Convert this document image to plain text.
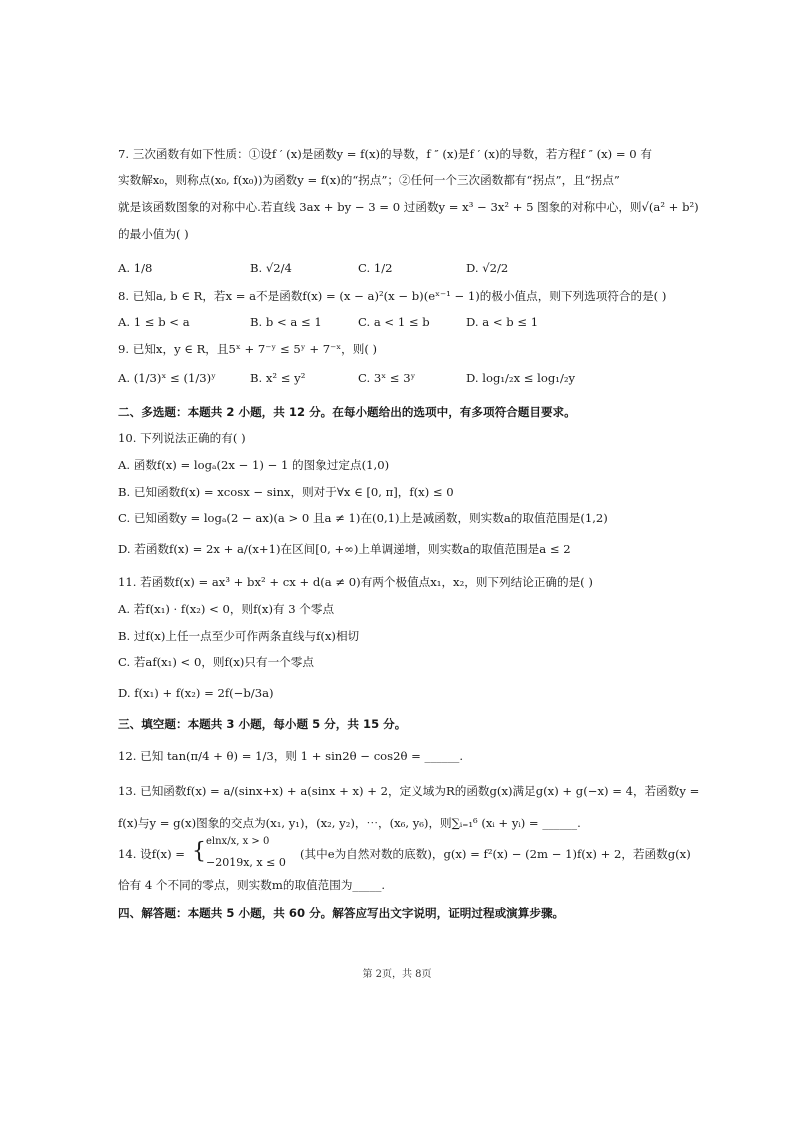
7. 三次函数有如下性质：①设f ′ (x)是函数y = f(x)的导数，f ″ (x)是f ′ (x)的导数，若方程f ″ (x) = 0 有
实数解x₀，则称点(x₀, f(x₀))为函数y = f(x)的“拐点”；②任何一个三次函数都有“拐点”，且“拐点”
就是该函数图象的对称中心.若直线 3ax + by − 3 = 0 过函数y = x³ − 3x² + 5 图象的对称中心，则√(a² + b²)
的最小值为( )
A. 1/8	B. √2/4	C. 1/2	D. √2/2
8. 已知a, b ∈ R，若x = a不是函数f(x) = (x − a)²(x − b)(eˣ⁻¹ − 1)的极小值点，则下列选项符合的是( )
A. 1 ≤ b < a	B. b < a ≤ 1	C. a < 1 ≤ b	D. a < b ≤ 1
9. 已知x，y ∈ R，且5ˣ + 7⁻ʸ ≤ 5ʸ + 7⁻ˣ，则( )
A. (1/3)ˣ ≤ (1/3)ʸ	B. x² ≤ y²	C. 3ˣ ≤ 3ʸ	D. log₁/₂x ≤ log₁/₂y
二、多选题：本题共 2 小题，共 12 分。在每小题给出的选项中，有多项符合题目要求。
10. 下列说法正确的有( )
A. 函数f(x) = logₐ(2x − 1) − 1 的图象过定点(1,0)
B. 已知函数f(x) = xcosx − sinx，则对于∀x ∈ [0, π]，f(x) ≤ 0
C. 已知函数y = logₐ(2 − ax)(a > 0 且a ≠ 1)在(0,1)上是减函数，则实数a的取值范围是(1,2)
D. 若函数f(x) = 2x + a/(x+1)在区间[0, +∞)上单调递增，则实数a的取值范围是a ≤ 2
11. 若函数f(x) = ax³ + bx² + cx + d(a ≠ 0)有两个极值点x₁，x₂，则下列结论正确的是( )
A. 若f(x₁) · f(x₂) < 0，则f(x)有 3 个零点
B. 过f(x)上任一点至少可作两条直线与f(x)相切
C. 若af(x₁) < 0，则f(x)只有一个零点
D. f(x₁) + f(x₂) = 2f(−b/3a)
三、填空题：本题共 3 小题，每小题 5 分，共 15 分。
12. 已知 tan(π/4 + θ) = 1/3，则 1 + sin2θ − cos2θ = ______.
13. 已知函数f(x) = a/(sinx+x) + a(sinx + x) + 2，定义域为R的函数g(x)满足g(x) + g(−x) = 4，若函数y =
f(x)与y = g(x)图象的交点为(x₁, y₁)，(x₂, y₂)，⋯，(x₆, y₆)，则∑ᵢ₌₁⁶ (xᵢ + yᵢ) = ______.
14. 设f(x) = { elnx/x, x > 0
−2019x, x ≤ 0
(其中e为自然对数的底数)，g(x) = f²(x) − (2m − 1)f(x) + 2，若函数g(x)
恰有 4 个不同的零点，则实数m的取值范围为_____.
四、解答题：本题共 5 小题，共 60 分。解答应写出文字说明，证明过程或演算步骤。
第 2页，共 8页
